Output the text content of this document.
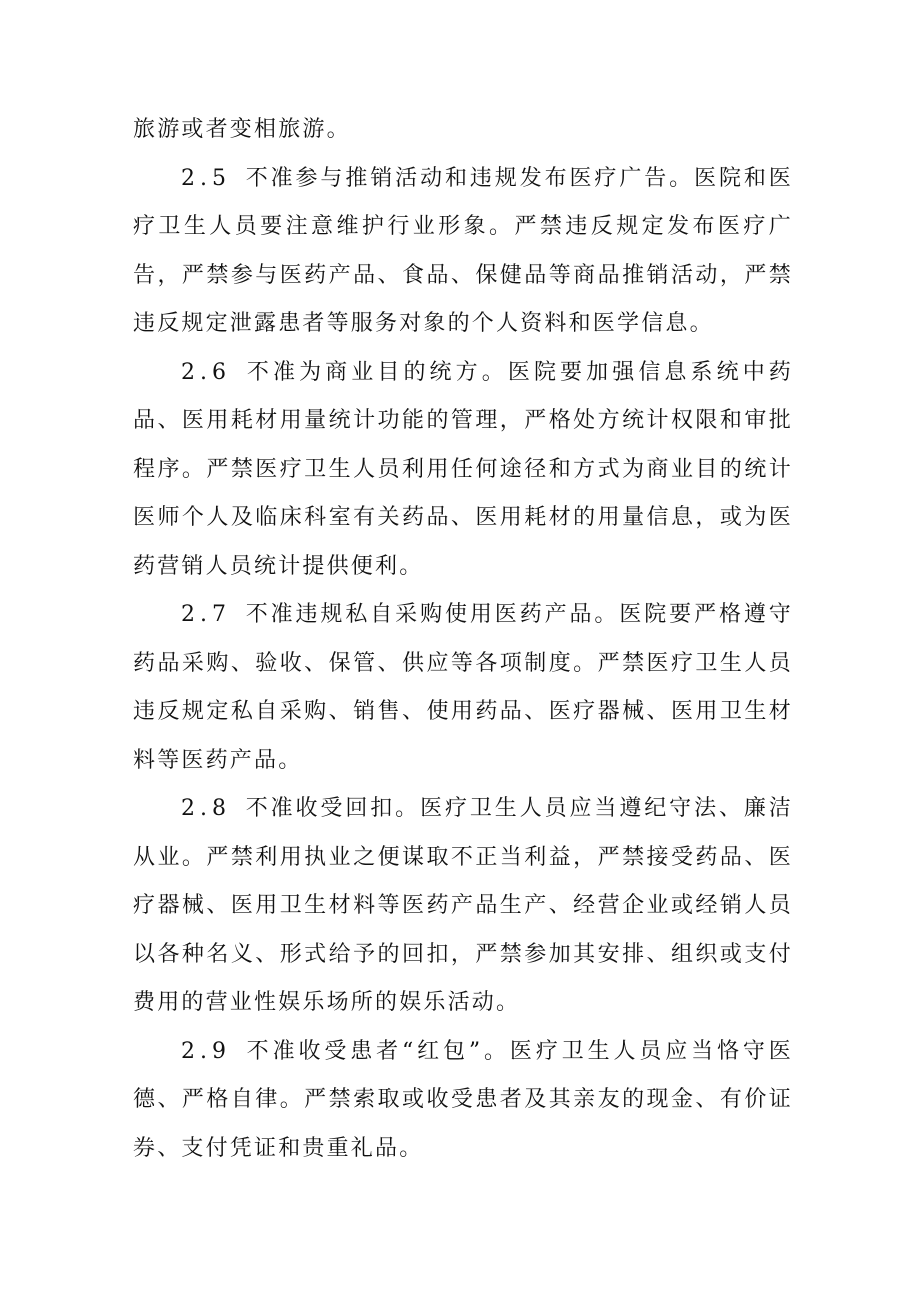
旅游或者变相旅游。

2.5 不准参与推销活动和违规发布医疗广告。医院和医疗卫生人员要注意维护行业形象。严禁违反规定发布医疗广告，严禁参与医药产品、食品、保健品等商品推销活动，严禁违反规定泄露患者等服务对象的个人资料和医学信息。

2.6 不准为商业目的统方。医院要加强信息系统中药品、医用耗材用量统计功能的管理，严格处方统计权限和审批程序。严禁医疗卫生人员利用任何途径和方式为商业目的统计医师个人及临床科室有关药品、医用耗材的用量信息，或为医药营销人员统计提供便利。

2.7 不准违规私自采购使用医药产品。医院要严格遵守药品采购、验收、保管、供应等各项制度。严禁医疗卫生人员违反规定私自采购、销售、使用药品、医疗器械、医用卫生材料等医药产品。

2.8 不准收受回扣。医疗卫生人员应当遵纪守法、廉洁从业。严禁利用执业之便谋取不正当利益，严禁接受药品、医疗器械、医用卫生材料等医药产品生产、经营企业或经销人员以各种名义、形式给予的回扣，严禁参加其安排、组织或支付费用的营业性娱乐场所的娱乐活动。

2.9 不准收受患者“红包”。医疗卫生人员应当恪守医德、严格自律。严禁索取或收受患者及其亲友的现金、有价证券、支付凭证和贵重礼品。
